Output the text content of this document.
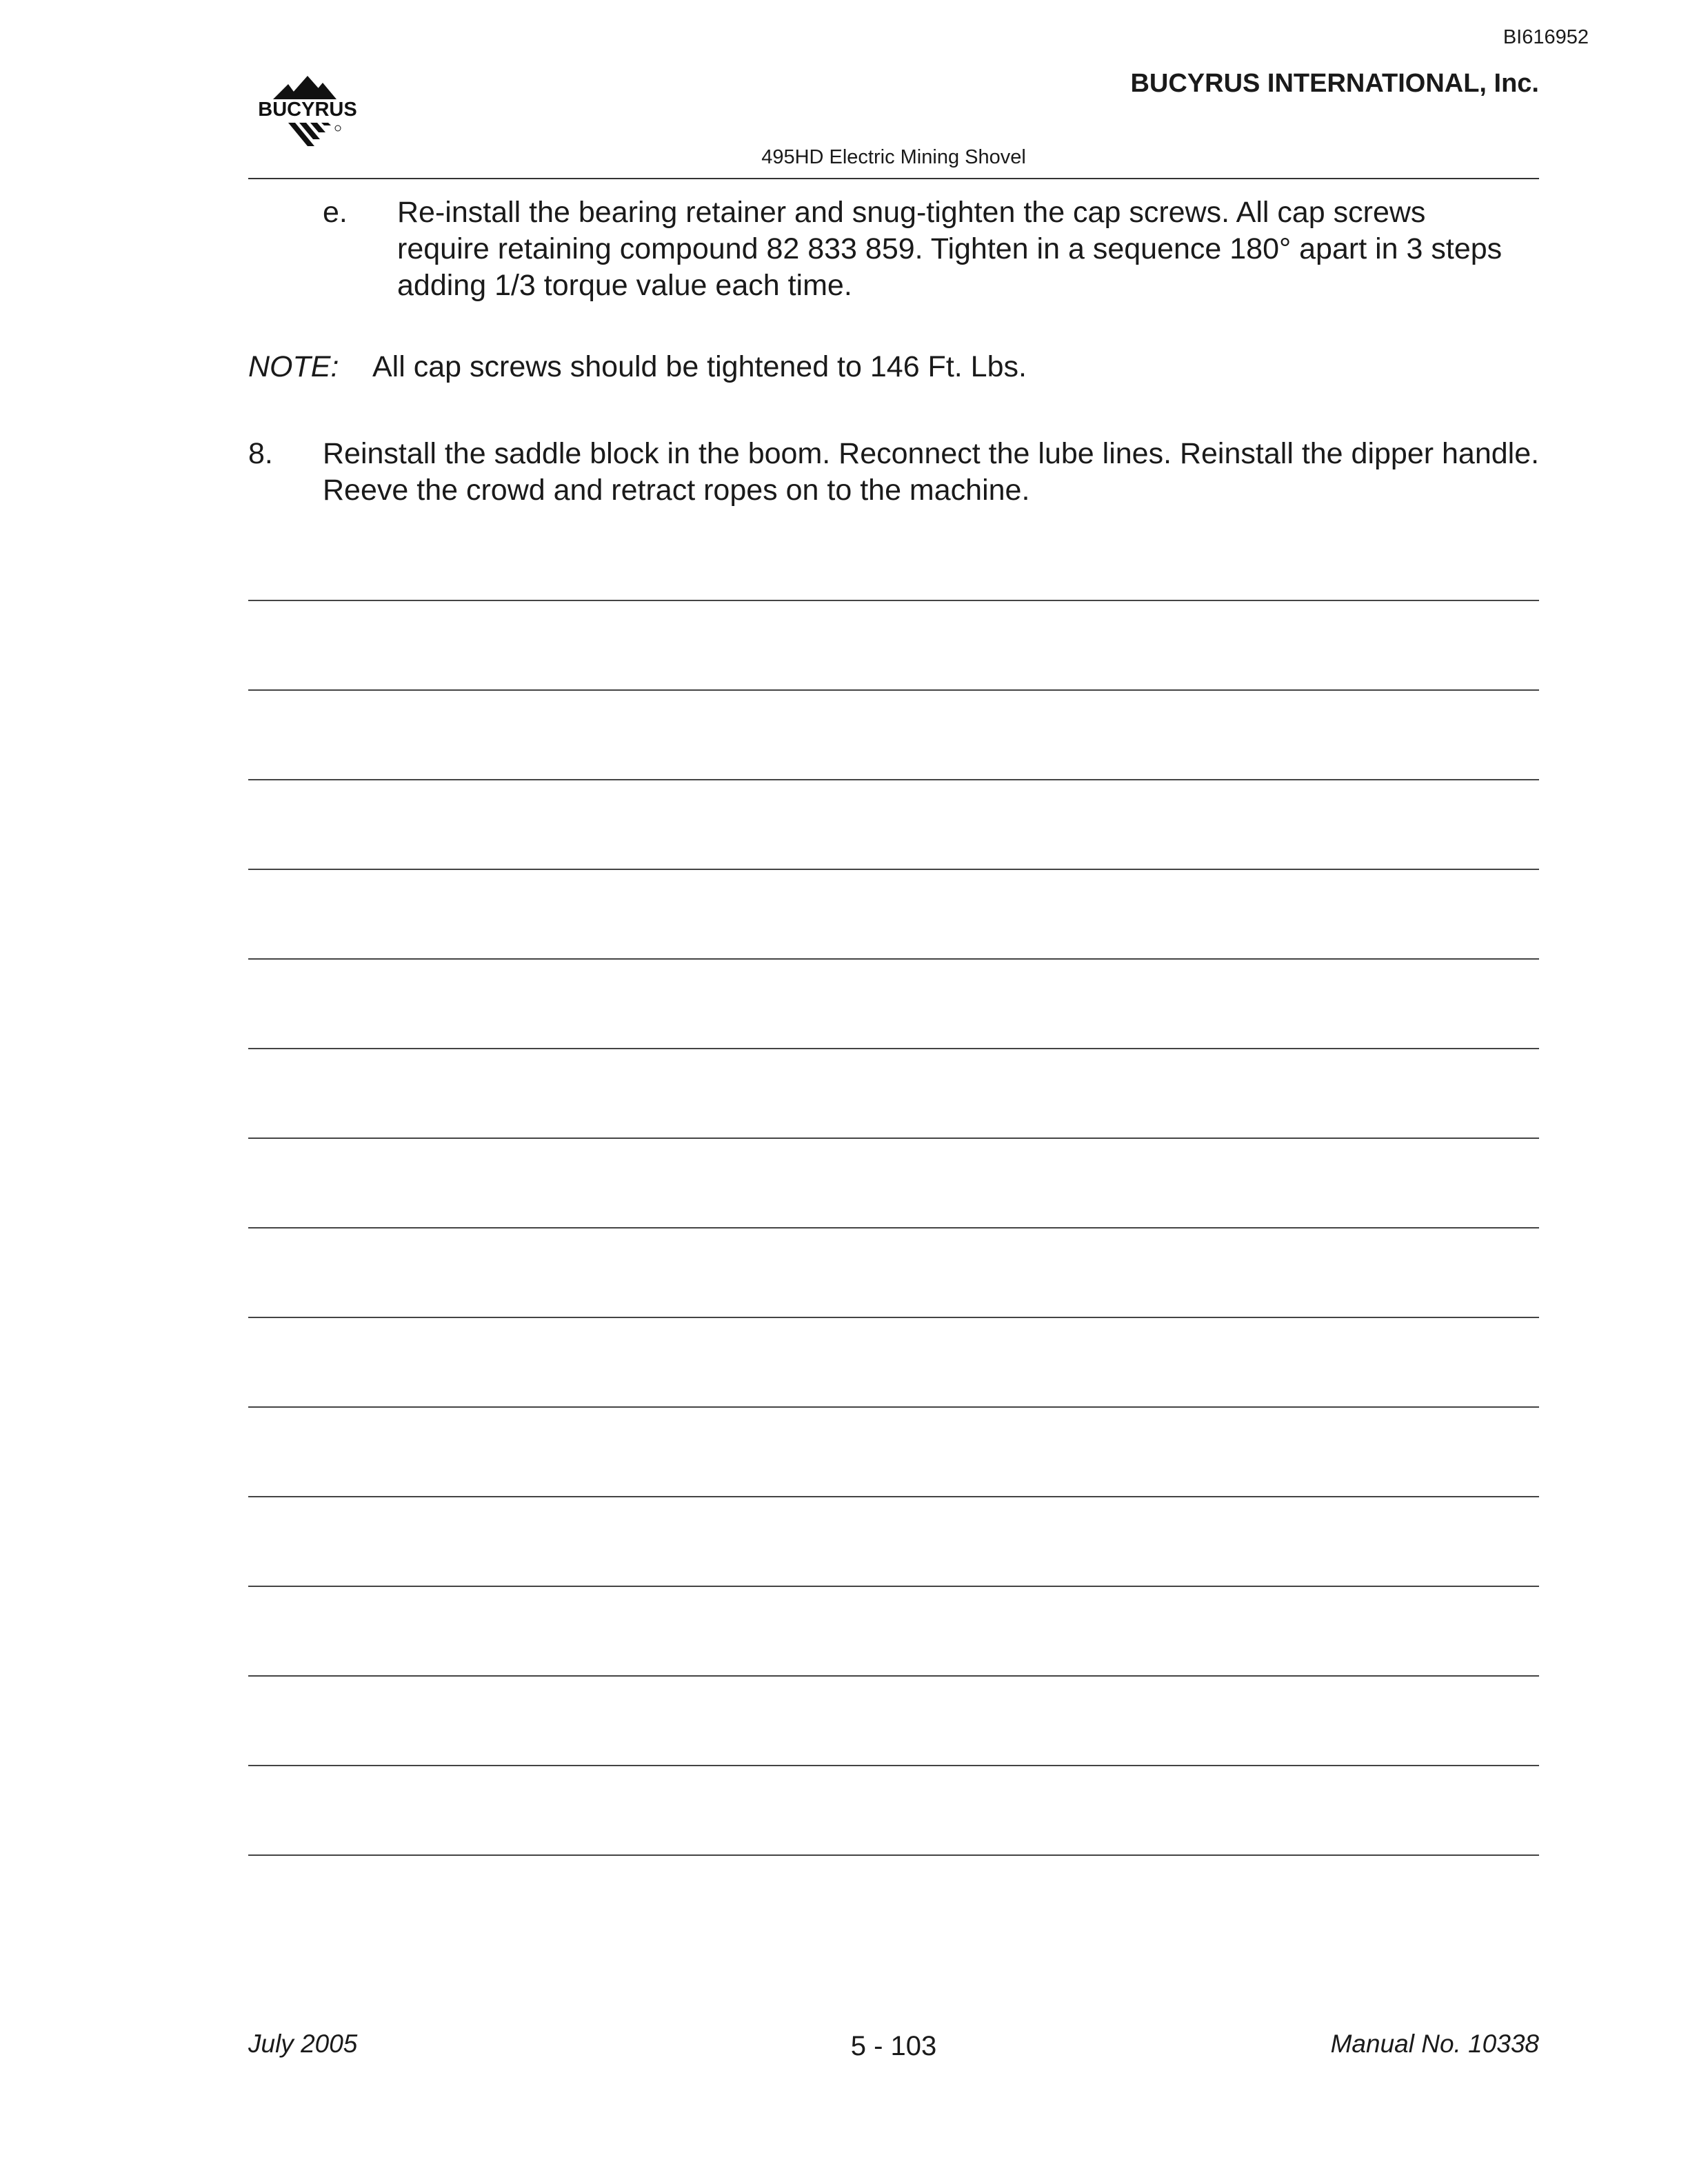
BI616952
BUCYRUS
BUCYRUS INTERNATIONAL, Inc.
495HD Electric Mining Shovel
e. Re-install the bearing retainer and snug-tighten the cap screws. All cap screws
require retaining compound 82 833 859. Tighten in a sequence 180° apart in 3 steps
adding 1/3 torque value each time.
NOTE: All cap screws should be tightened to 146 Ft. Lbs.
8. Reinstall the saddle block in the boom. Reconnect the lube lines. Reinstall the dipper handle.
Reeve the crowd and retract ropes on to the machine.
July 2005	5 - 103	Manual No. 10338
